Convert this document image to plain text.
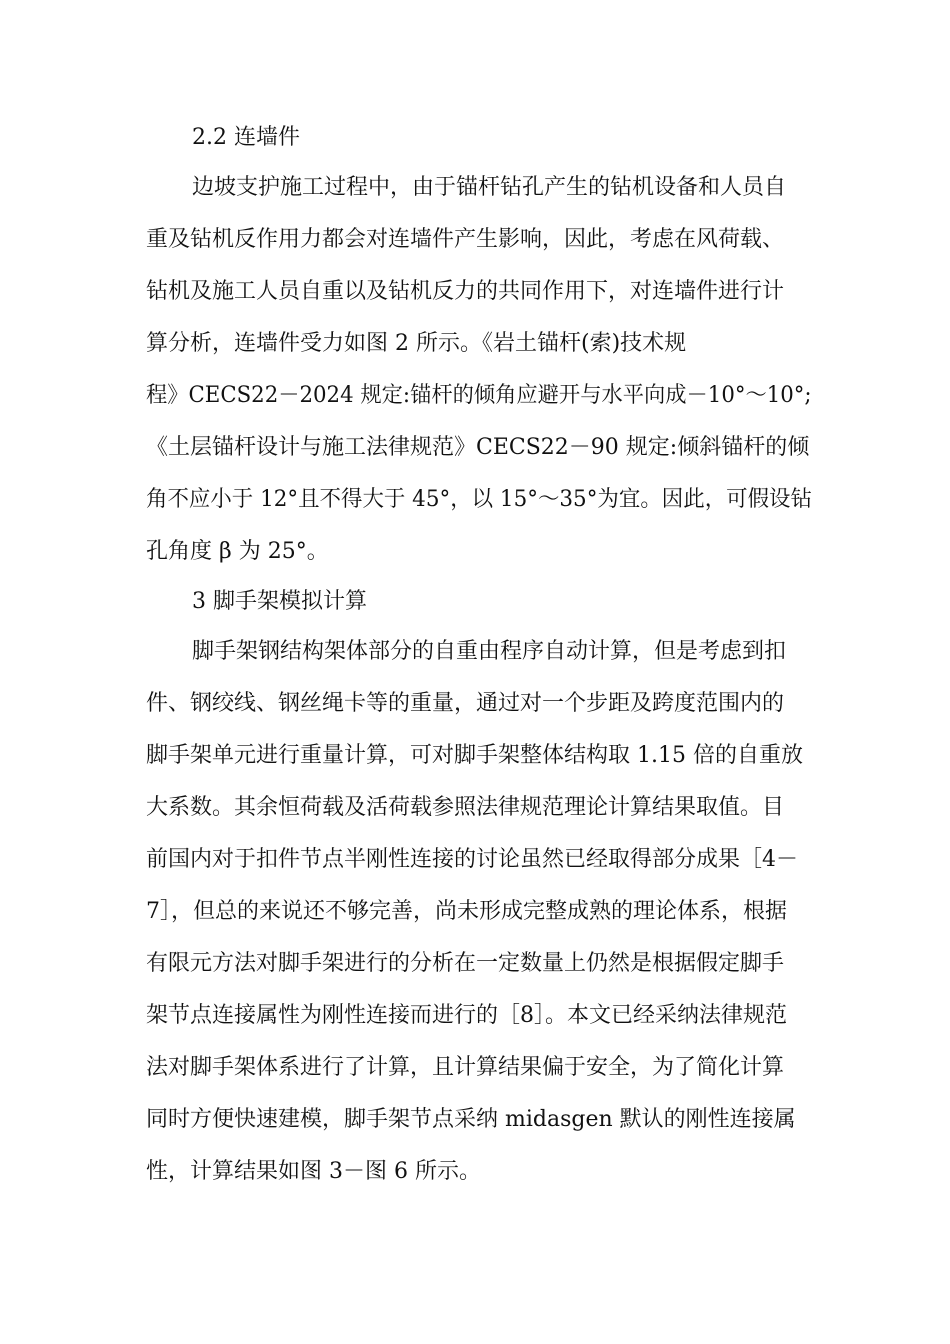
2.2 连墙件
边坡支护施工过程中，由于锚杆钻孔产生的钻机设备和人员自
重及钻机反作用力都会对连墙件产生影响，因此，考虑在风荷载、
钻机及施工人员自重以及钻机反力的共同作用下，对连墙件进行计
算分析，连墙件受力如图 2 所示。《岩土锚杆(索)技术规
程》CECS22－2024 规定:锚杆的倾角应避开与水平向成－10°～10°;
《土层锚杆设计与施工法律规范》CECS22－90 规定:倾斜锚杆的倾
角不应小于 12°且不得大于 45°，以 15°～35°为宜。因此，可假设钻
孔角度 β 为 25°。
3 脚手架模拟计算
脚手架钢结构架体部分的自重由程序自动计算，但是考虑到扣
件、钢绞线、钢丝绳卡等的重量，通过对一个步距及跨度范围内的
脚手架单元进行重量计算，可对脚手架整体结构取 1.15 倍的自重放
大系数。其余恒荷载及活荷载参照法律规范理论计算结果取值。目
前国内对于扣件节点半刚性连接的讨论虽然已经取得部分成果［4－
7］，但总的来说还不够完善，尚未形成完整成熟的理论体系，根据
有限元方法对脚手架进行的分析在一定数量上仍然是根据假定脚手
架节点连接属性为刚性连接而进行的［8］。本文已经采纳法律规范
法对脚手架体系进行了计算，且计算结果偏于安全，为了简化计算
同时方便快速建模，脚手架节点采纳 midasgen 默认的刚性连接属
性，计算结果如图 3－图 6 所示。
